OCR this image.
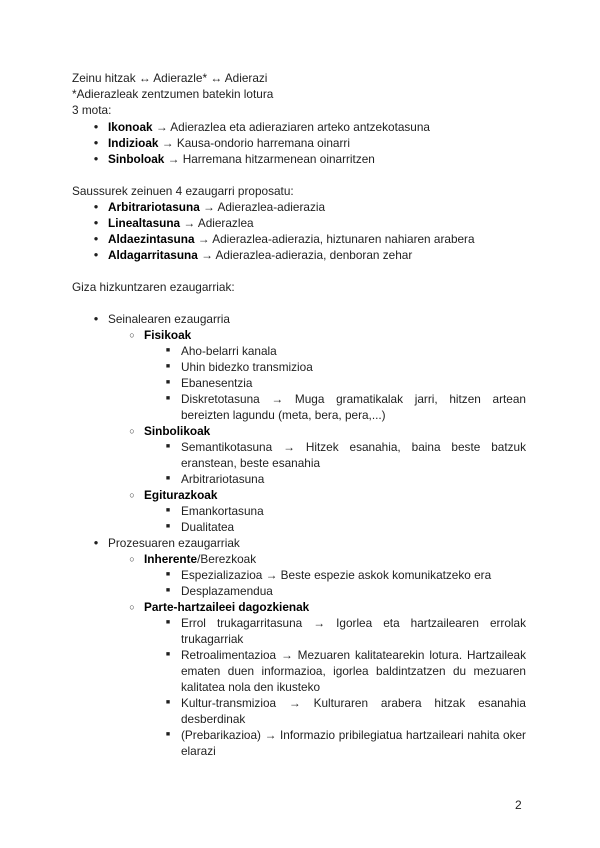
Zeinu hitzak ↔ Adierazle* ↔ Adierazi
*Adierazleak zentzumen batekin lotura
3 mota:
● Ikonoak → Adierazlea eta adieraziaren arteko antzekotasuna
● Indizioak → Kausa-ondorio harremana oinarri
● Sinboloak → Harremana hitzarmenean oinarritzen
Saussurek zeinuen 4 ezaugarri proposatu:
● Arbitrariotasuna → Adierazlea-adierazia
● Linealtasuna → Adierazlea
● Aldaezintasuna → Adierazlea-adierazia, hiztunaren nahiaren arabera
● Aldagarritasuna → Adierazlea-adierazia, denboran zehar
Giza hizkuntzaren ezaugarriak:
● Seinalearen ezaugarria
○ Fisikoak
■ Aho-belarri kanala
■ Uhin bidezko transmizioa
■ Ebanesentzia
■ Diskretotasuna → Muga gramatikalak jarri, hitzen artean bereizten lagundu (meta, bera, pera,...)
○ Sinbolikoak
■ Semantikotasuna → Hitzek esanahia, baina beste batzuk eranstean, beste esanahia
■ Arbitrariotasuna
○ Egiturazkoak
■ Emankortasuna
■ Dualitatea
● Prozesuaren ezaugarriak
○ Inherente/Berezkoak
■ Espezializazioa → Beste espezie askok komunikatzeko era
■ Desplazamendua
○ Parte-hartzaileei dagozkienak
■ Errol trukagarritasuna → Igorlea eta hartzailearen errolak trukagarriak
■ Retroalimentazioa → Mezuaren kalitatearekin lotura. Hartzaileak ematen duen informazioa, igorlea baldintzatzen du mezuaren kalitatea nola den ikusteko
■ Kultur-transmizioa → Kulturaren arabera hitzak esanahia desberdinak
■ (Prebarikazioa) → Informazio pribilegiatua hartzaileari nahita oker elarazi
2
